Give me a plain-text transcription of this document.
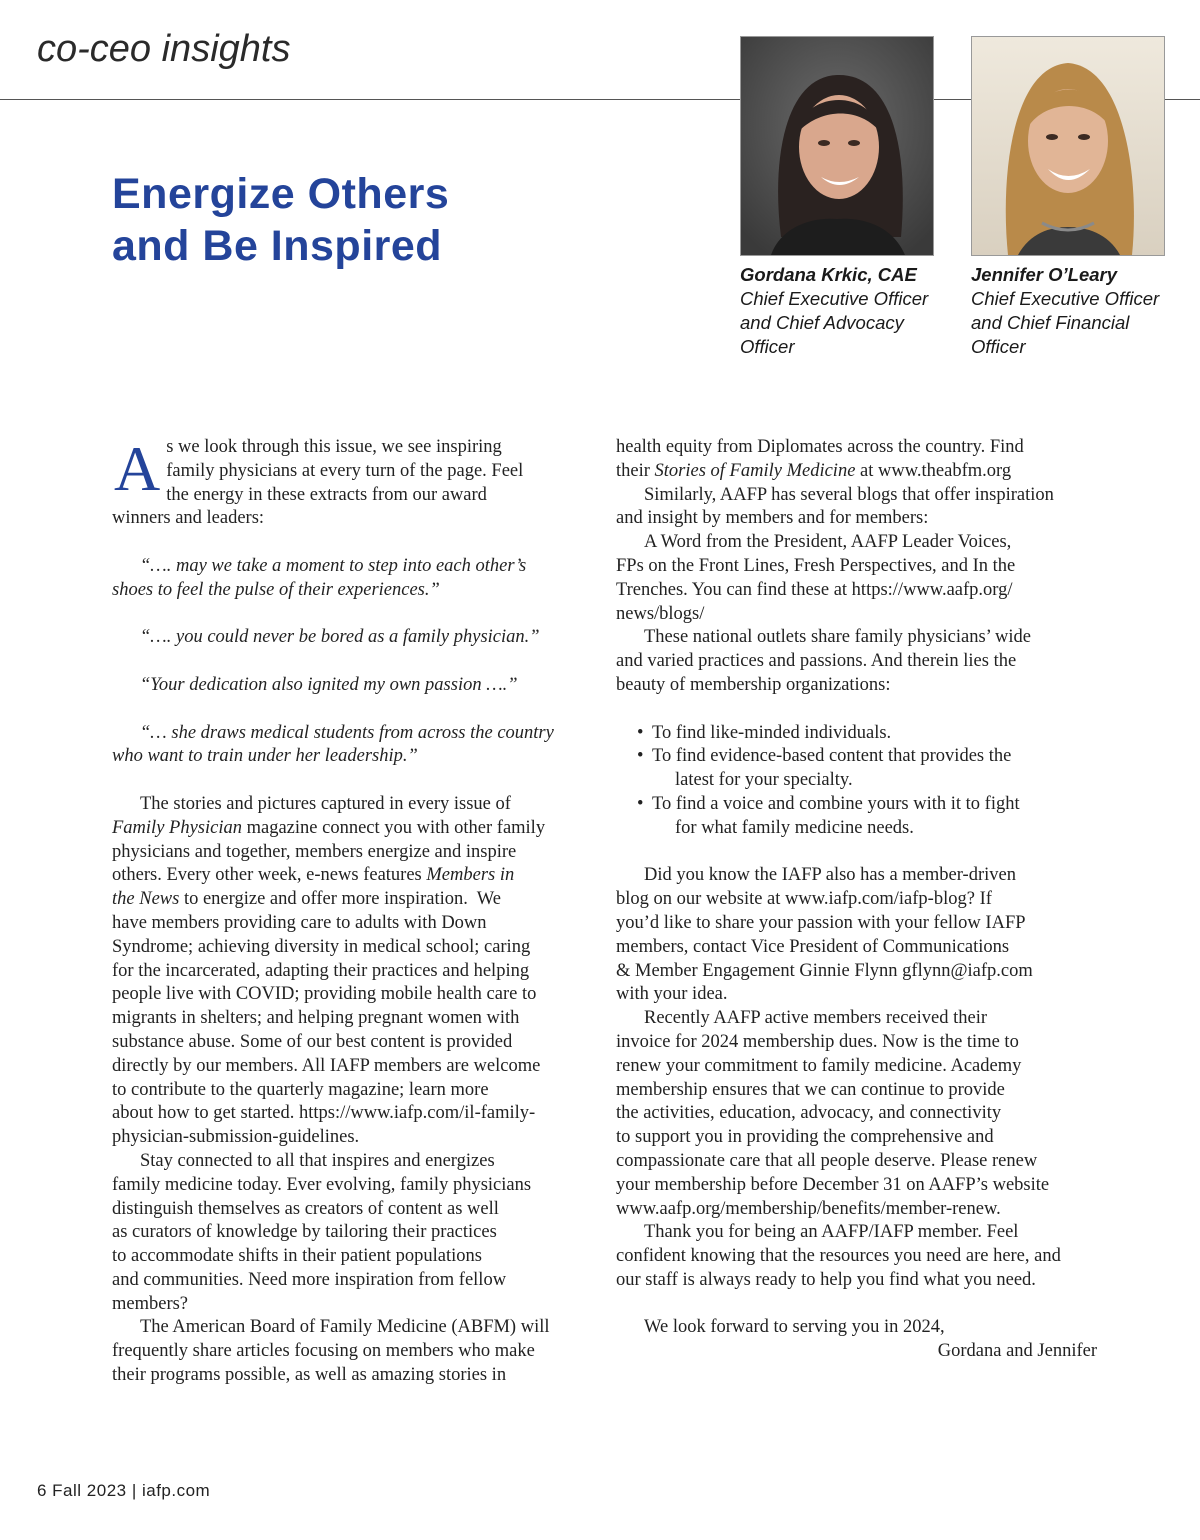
co-ceo insights
Energize Others
and Be Inspired
Gordana Krkic, CAE
Chief Executive Officer
and Chief Advocacy
Officer
Jennifer O’Leary
Chief Executive Officer
and Chief Financial
Officer
A s we look through this issue, we see inspiring
family physicians at every turn of the page. Feel
the energy in these extracts from our award
winners and leaders:
“…. may we take a moment to step into each other’s
shoes to feel the pulse of their experiences.”
“…. you could never be bored as a family physician.”
“Your dedication also ignited my own passion ….”
“… she draws medical students from across the country
who want to train under her leadership.”
The stories and pictures captured in every issue of
Family Physician magazine connect you with other family
physicians and together, members energize and inspire
others. Every other week, e-news features Members in
the News to energize and offer more inspiration.  We
have members providing care to adults with Down
Syndrome; achieving diversity in medical school; caring
for the incarcerated, adapting their practices and helping
people live with COVID; providing mobile health care to
migrants in shelters; and helping pregnant women with
substance abuse. Some of our best content is provided
directly by our members. All IAFP members are welcome
to contribute to the quarterly magazine; learn more
about how to get started. https://www.iafp.com/il-family-
physician-submission-guidelines.
Stay connected to all that inspires and energizes
family medicine today. Ever evolving, family physicians
distinguish themselves as creators of content as well
as curators of knowledge by tailoring their practices
to accommodate shifts in their patient populations
and communities. Need more inspiration from fellow
members?
The American Board of Family Medicine (ABFM) will
frequently share articles focusing on members who make
their programs possible, as well as amazing stories in
health equity from Diplomates across the country. Find
their Stories of Family Medicine at www.theabfm.org
Similarly, AAFP has several blogs that offer inspiration
and insight by members and for members:
A Word from the President, AAFP Leader Voices,
FPs on the Front Lines, Fresh Perspectives, and In the
Trenches. You can find these at https://www.aafp.org/
news/blogs/
These national outlets share family physicians’ wide
and varied practices and passions. And therein lies the
beauty of membership organizations:
• To find like-minded individuals.
• To find evidence-based content that provides the
latest for your specialty.
• To find a voice and combine yours with it to fight
for what family medicine needs.
Did you know the IAFP also has a member-driven
blog on our website at www.iafp.com/iafp-blog? If
you’d like to share your passion with your fellow IAFP
members, contact Vice President of Communications
& Member Engagement Ginnie Flynn gflynn@iafp.com
with your idea.
Recently AAFP active members received their
invoice for 2024 membership dues. Now is the time to
renew your commitment to family medicine. Academy
membership ensures that we can continue to provide
the activities, education, advocacy, and connectivity
to support you in providing the comprehensive and
compassionate care that all people deserve. Please renew
your membership before December 31 on AAFP’s website
www.aafp.org/membership/benefits/member-renew.
Thank you for being an AAFP/IAFP member. Feel
confident knowing that the resources you need are here, and
our staff is always ready to help you find what you need.
We look forward to serving you in 2024,
Gordana and Jennifer
6 Fall 2023 | iafp.com
